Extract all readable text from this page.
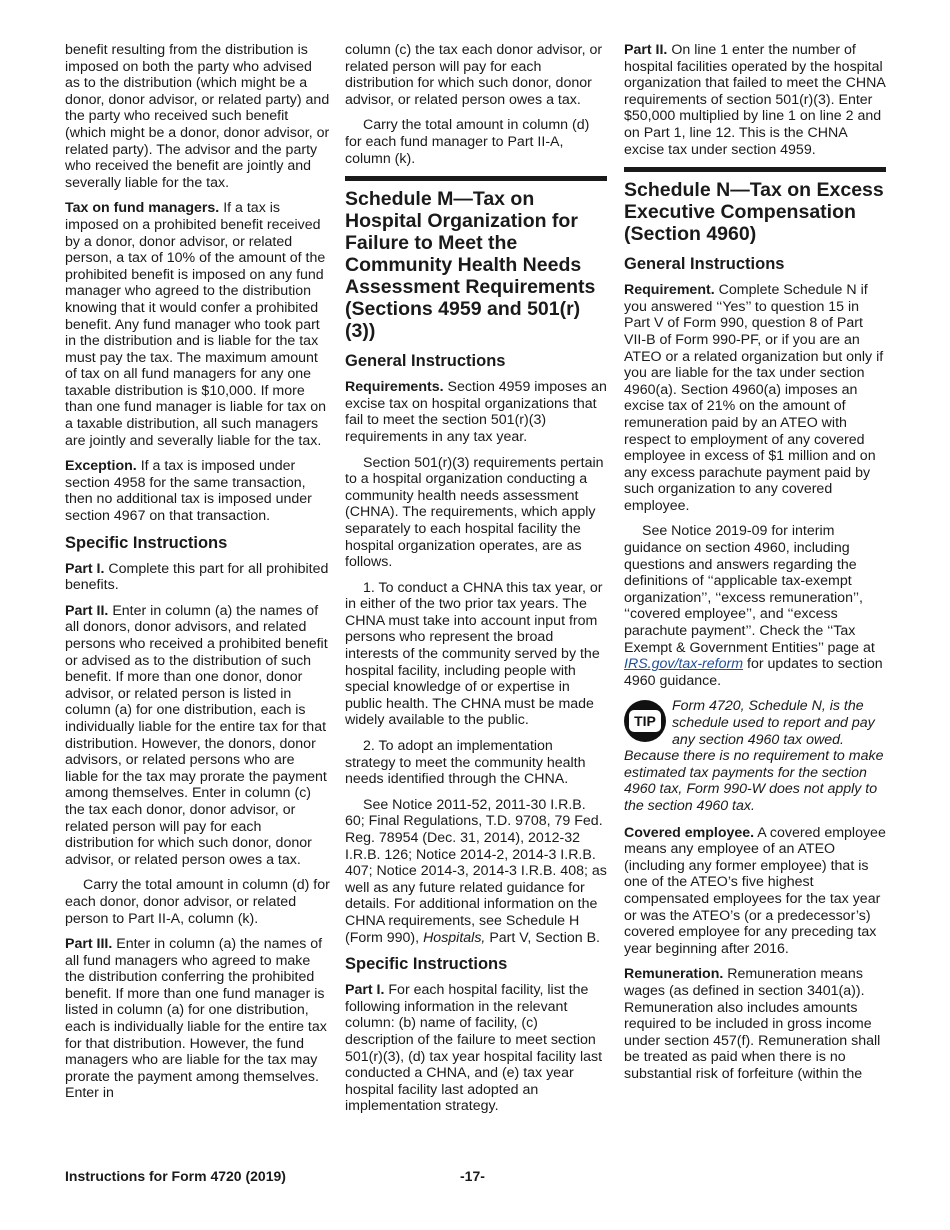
benefit resulting from the distribution is imposed on both the party who advised as to the distribution (which might be a donor, donor advisor, or related party) and the party who received such benefit (which might be a donor, donor advisor, or related party). The advisor and the party who received the benefit are jointly and severally liable for the tax.

Tax on fund managers. If a tax is imposed on a prohibited benefit received by a donor, donor advisor, or related person, a tax of 10% of the amount of the prohibited benefit is imposed on any fund manager who agreed to the distribution knowing that it would confer a prohibited benefit. Any fund manager who took part in the distribution and is liable for the tax must pay the tax. The maximum amount of tax on all fund managers for any one taxable distribution is $10,000. If more than one fund manager is liable for tax on a taxable distribution, all such managers are jointly and severally liable for the tax.

Exception. If a tax is imposed under section 4958 for the same transaction, then no additional tax is imposed under section 4967 on that transaction.

Specific Instructions

Part I. Complete this part for all prohibited benefits.

Part II. Enter in column (a) the names of all donors, donor advisors, and related persons who received a prohibited benefit or advised as to the distribution of such benefit. If more than one donor, donor advisor, or related person is listed in column (a) for one distribution, each is individually liable for the entire tax for that distribution. However, the donors, donor advisors, or related persons who are liable for the tax may prorate the payment among themselves. Enter in column (c) the tax each donor, donor advisor, or related person will pay for each distribution for which such donor, donor advisor, or related person owes a tax.

Carry the total amount in column (d) for each donor, donor advisor, or related person to Part II-A, column (k).

Part III. Enter in column (a) the names of all fund managers who agreed to make the distribution conferring the prohibited benefit. If more than one fund manager is listed in column (a) for one distribution, each is individually liable for the entire tax for that distribution. However, the fund managers who are liable for the tax may prorate the payment among themselves. Enter in

column (c) the tax each donor advisor, or related person will pay for each distribution for which such donor, donor advisor, or related person owes a tax.

Carry the total amount in column (d) for each fund manager to Part II-A, column (k).

Schedule M—Tax on Hospital Organization for Failure to Meet the Community Health Needs Assessment Requirements (Sections 4959 and 501(r)(3))
General Instructions

Requirements. Section 4959 imposes an excise tax on hospital organizations that fail to meet the section 501(r)(3) requirements in any tax year.

Section 501(r)(3) requirements pertain to a hospital organization conducting a community health needs assessment (CHNA). The requirements, which apply separately to each hospital facility the hospital organization operates, are as follows.

1. To conduct a CHNA this tax year, or in either of the two prior tax years. The CHNA must take into account input from persons who represent the broad interests of the community served by the hospital facility, including people with special knowledge of or expertise in public health. The CHNA must be made widely available to the public.

2. To adopt an implementation strategy to meet the community health needs identified through the CHNA.

See Notice 2011-52, 2011-30 I.R.B. 60; Final Regulations, T.D. 9708, 79 Fed. Reg. 78954 (Dec. 31, 2014), 2012-32 I.R.B. 126; Notice 2014-2, 2014-3 I.R.B. 407; Notice 2014-3, 2014-3 I.R.B. 408; as well as any future related guidance for details. For additional information on the CHNA requirements, see Schedule H (Form 990), Hospitals, Part V, Section B.

Specific Instructions

Part I. For each hospital facility, list the following information in the relevant column: (b) name of facility, (c) description of the failure to meet section 501(r)(3), (d) tax year hospital facility last conducted a CHNA, and (e) tax year hospital facility last adopted an implementation strategy.

Part II. On line 1 enter the number of hospital facilities operated by the hospital organization that failed to meet the CHNA requirements of section 501(r)(3). Enter $50,000 multiplied by line 1 on line 2 and on Part 1, line 12. This is the CHNA excise tax under section 4959.

Schedule N—Tax on Excess Executive Compensation (Section 4960)
General Instructions

Requirement. Complete Schedule N if you answered ‘‘Yes’’ to question 15 in Part V of Form 990, question 8 of Part VII-B of Form 990-PF, or if you are an ATEO or a related organization but only if you are liable for the tax under section 4960(a). Section 4960(a) imposes an excise tax of 21% on the amount of remuneration paid by an ATEO with respect to employment of any covered employee in excess of $1 million and on any excess parachute payment paid by such organization to any covered employee.

See Notice 2019-09 for interim guidance on section 4960, including questions and answers regarding the definitions of ‘‘applicable tax-exempt organization’’, ‘‘excess remuneration’’, ‘‘covered employee’’, and ‘‘excess parachute payment’’. Check the ‘‘Tax Exempt & Government Entities’’ page at IRS.gov/tax-reform for updates to section 4960 guidance.

TIP
Form 4720, Schedule N, is the schedule used to report and pay any section 4960 tax owed. Because there is no requirement to make estimated tax payments for the section 4960 tax, Form 990-W does not apply to the section 4960 tax.

Covered employee. A covered employee means any employee of an ATEO (including any former employee) that is one of the ATEO’s five highest compensated employees for the tax year or was the ATEO’s (or a predecessor’s) covered employee for any preceding tax year beginning after 2016.

Remuneration. Remuneration means wages (as defined in section 3401(a)). Remuneration also includes amounts required to be included in gross income under section 457(f). Remuneration shall be treated as paid when there is no substantial risk of forfeiture (within the

Instructions for Form 4720 (2019)	-17-
